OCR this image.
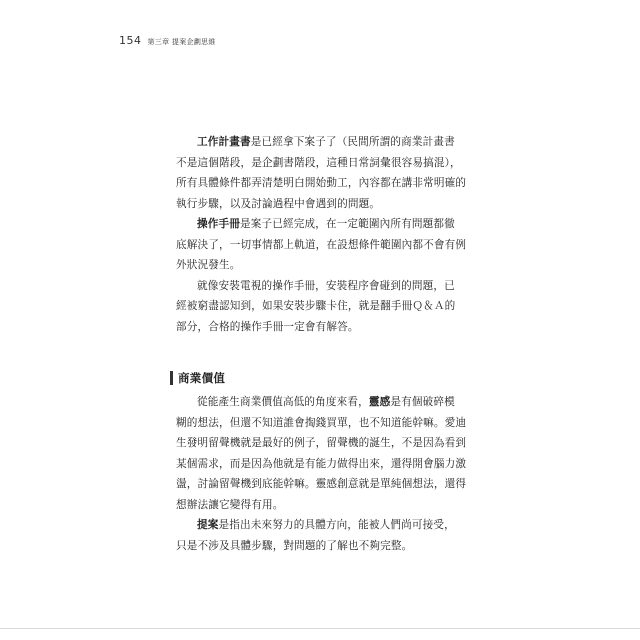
154 第三章 提案企劃思維
工作計畫書是已經拿下案子了（民間所謂的商業計畫書
不是這個階段，是企劃書階段，這種日常詞彙很容易搞混），
所有具體條件都弄清楚明白開始動工，內容都在講非常明確的
執行步驟，以及討論過程中會遇到的問題。
操作手冊是案子已經完成，在一定範圍內所有問題都徹
底解決了，一切事情都上軌道，在設想條件範圍內都不會有例
外狀況發生。
就像安裝電視的操作手冊，安裝程序會碰到的問題，已
經被窮盡認知到，如果安裝步驟卡住，就是翻手冊Ｑ＆Ａ的
部分，合格的操作手冊一定會有解答。
商業價值
從能產生商業價值高低的角度來看，靈感是有個破碎模
糊的想法，但還不知道誰會掏錢買單，也不知道能幹嘛。愛迪
生發明留聲機就是最好的例子，留聲機的誕生，不是因為看到
某個需求，而是因為他就是有能力做得出來，還得開會腦力激
盪，討論留聲機到底能幹嘛。靈感創意就是單純個想法，還得
想辦法讓它變得有用。
提案是指出未來努力的具體方向，能被人們尚可接受，
只是不涉及具體步驟，對問題的了解也不夠完整。
